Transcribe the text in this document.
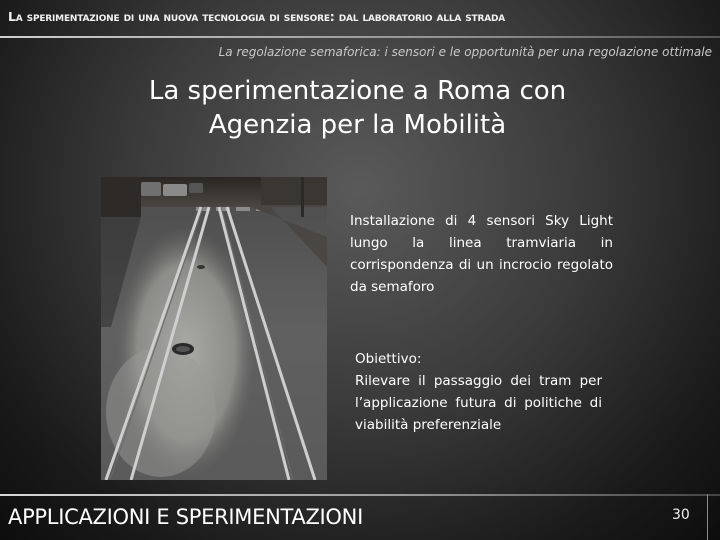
La sperimentazione di una nuova tecnologia di sensore: dal laboratorio alla strada
La regolazione semaforica: i sensori e le opportunità per una regolazione ottimale
La sperimentazione a Roma con
Agenzia per la Mobilità
Installazione di 4 sensori Sky Light lungo la linea tramviaria in corrispondenza di un incrocio regolato da semaforo
Obiettivo:
Rilevare il passaggio dei tram per l’applicazione futura di politiche di viabilità preferenziale
APPLICAZIONI E SPERIMENTAZIONI	30
